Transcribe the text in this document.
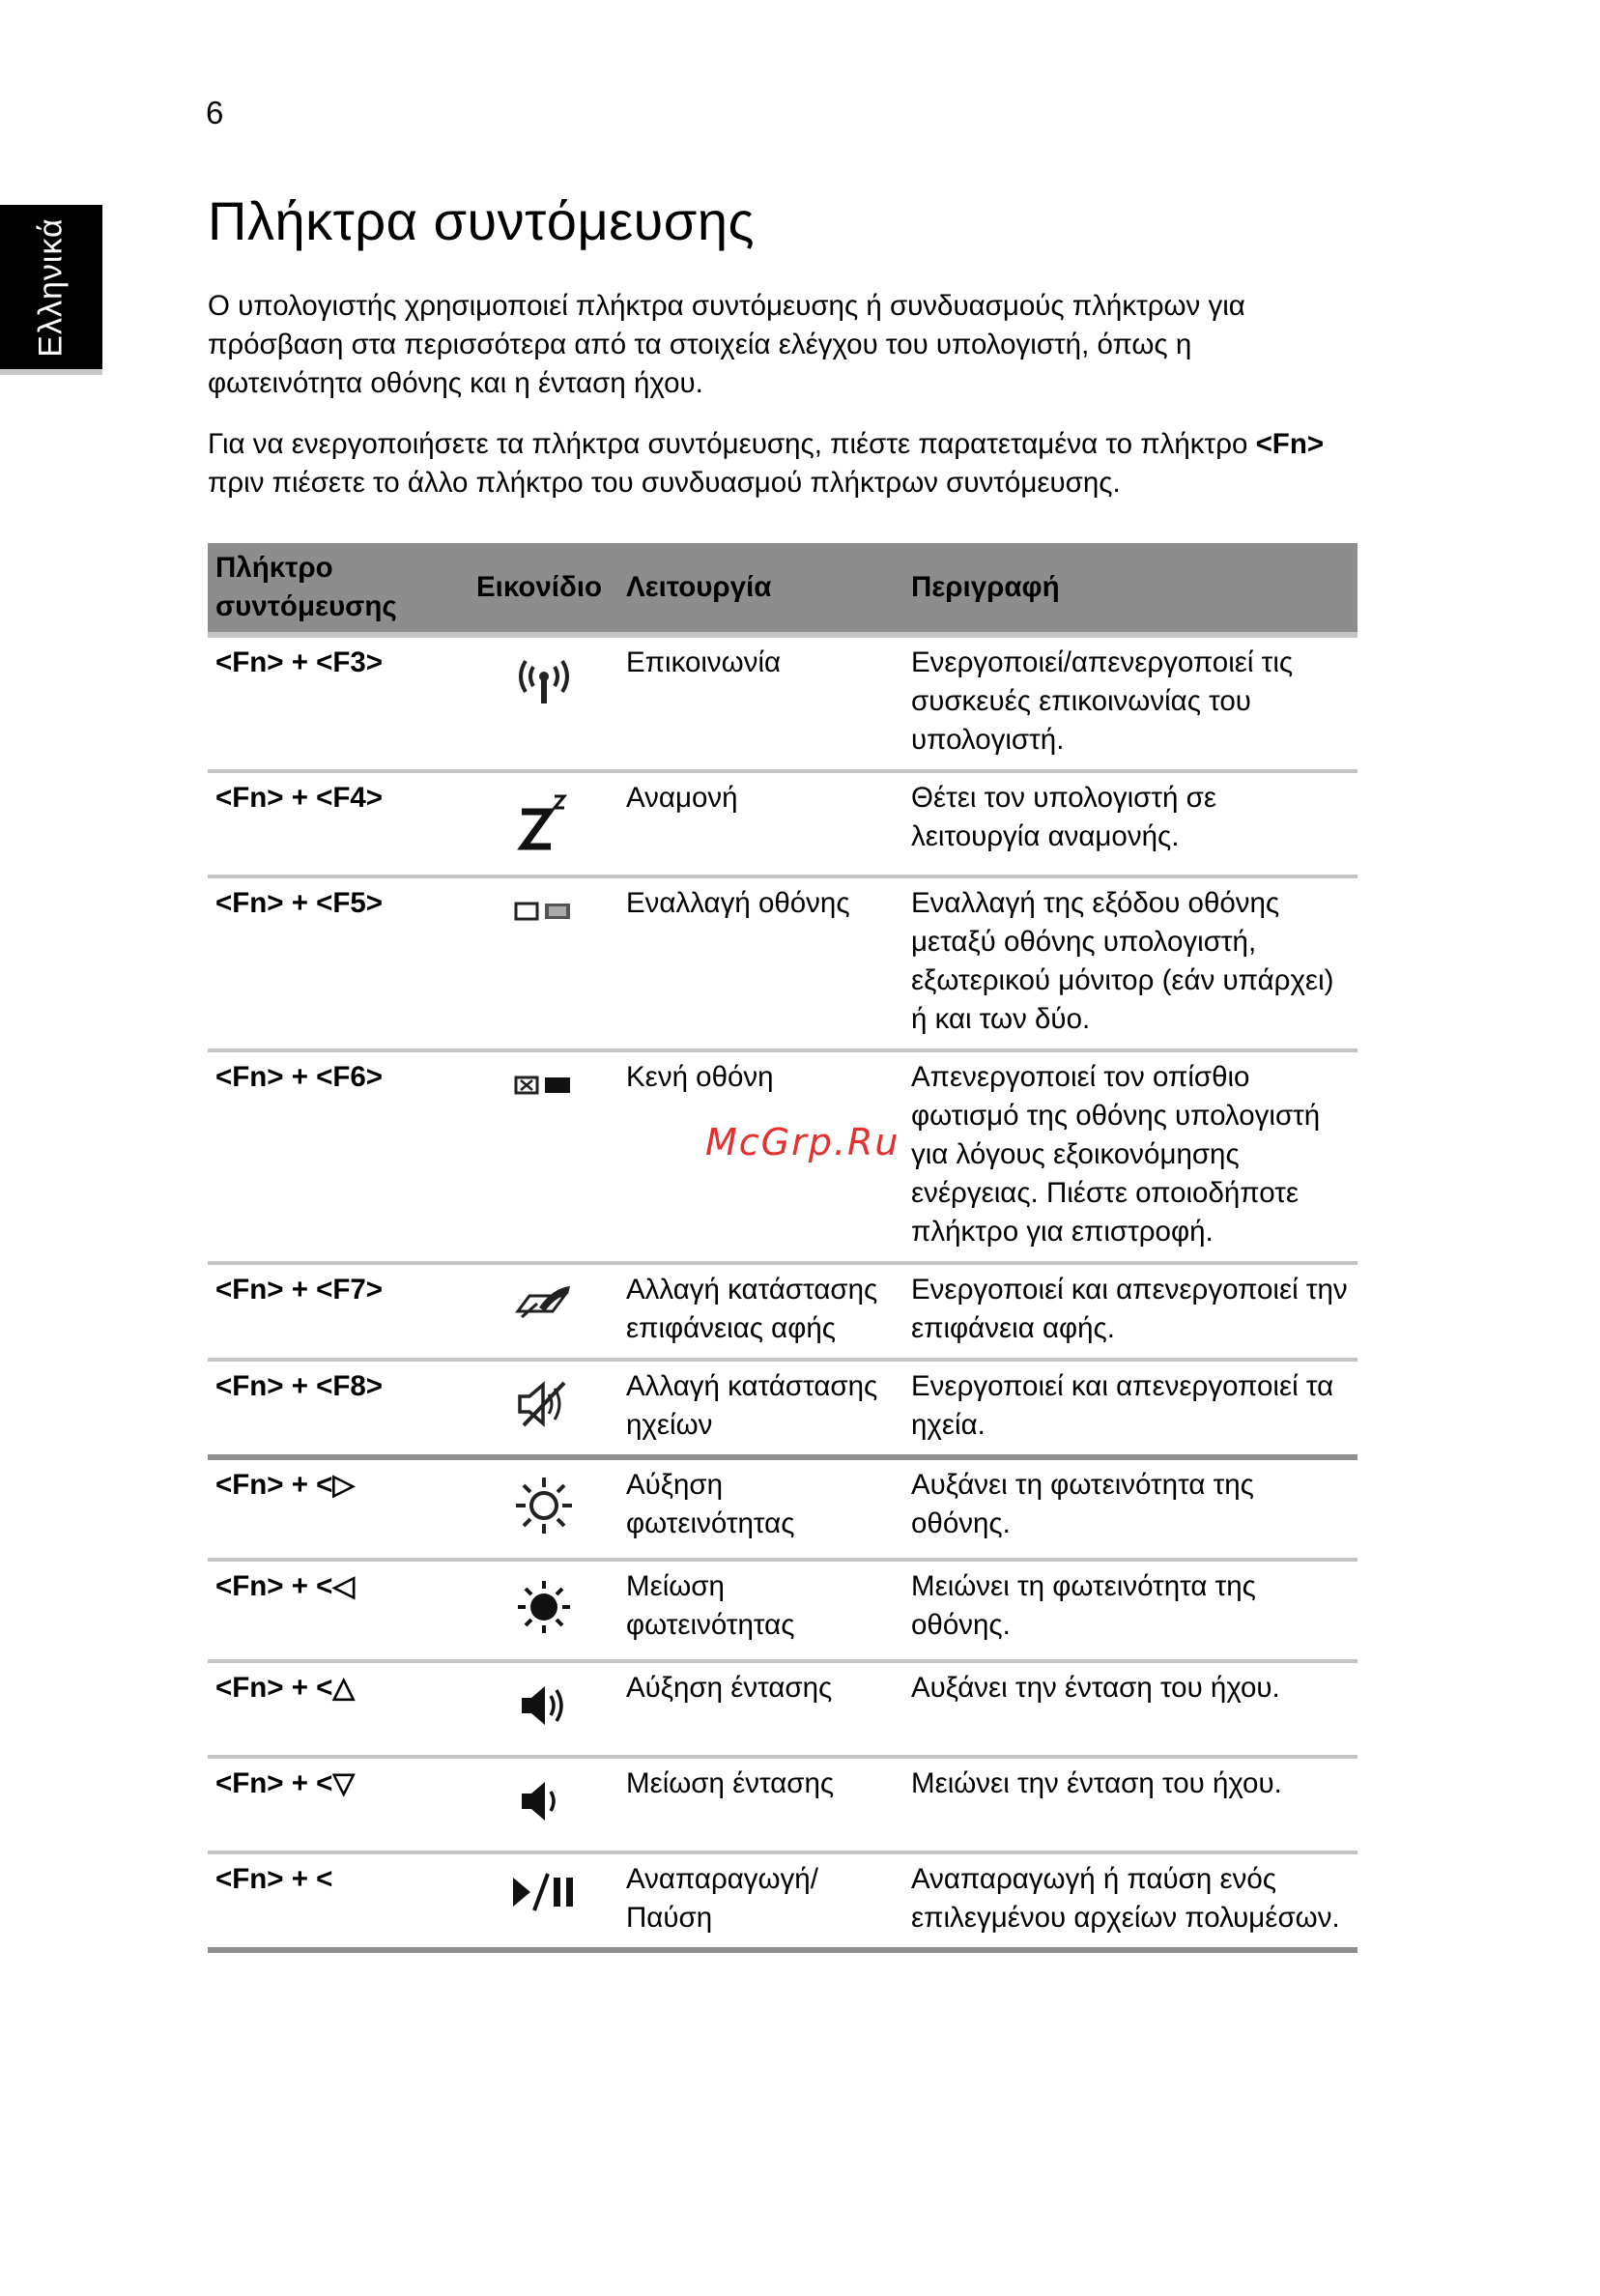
6
Ελληνικά	Πλήκτρα συντόμευσης

Ο υπολογιστής χρησιμοποιεί πλήκτρα συντόμευσης ή συνδυασμούς πλήκτρων για πρόσβαση στα περισσότερα από τα στοιχεία ελέγχου του υπολογιστή, όπως η φωτεινότητα οθόνης και η ένταση ήχου.

Για να ενεργοποιήσετε τα πλήκτρα συντόμευσης, πιέστε παρατεταμένα το πλήκτρο <Fn> πριν πιέσετε το άλλο πλήκτρο του συνδυασμού πλήκτρων συντόμευσης.

Πλήκτρο συντόμευσης	Εικονίδιο	Λειτουργία	Περιγραφή
<Fn> + <F3>		Επικοινωνία	Ενεργοποιεί/απενεργοποιεί τις συσκευές επικοινωνίας του υπολογιστή.
<Fn> + <F4>		Αναμονή	Θέτει τον υπολογιστή σε λειτουργία αναμονής.
<Fn> + <F5>		Εναλλαγή οθόνης	Εναλλαγή της εξόδου οθόνης μεταξύ οθόνης υπολογιστή, εξωτερικού μόνιτορ (εάν υπάρχει) ή και των δύο.
<Fn> + <F6>		Κενή οθόνη	Απενεργοποιεί τον οπίσθιο φωτισμό της οθόνης υπολογιστή για λόγους εξοικονόμησης ενέργειας. Πιέστε οποιοδήποτε πλήκτρο για επιστροφή.
<Fn> + <F7>		Αλλαγή κατάστασης επιφάνειας αφής	Ενεργοποιεί και απενεργοποιεί την επιφάνεια αφής.
<Fn> + <F8>		Αλλαγή κατάστασης ηχείων	Ενεργοποιεί και απενεργοποιεί τα ηχεία.
<Fn> + <▷		Αύξηση φωτεινότητας	Αυξάνει τη φωτεινότητα της οθόνης.
<Fn> + <◁		Μείωση φωτεινότητας	Μειώνει τη φωτεινότητα της οθόνης.
<Fn> + <△		Αύξηση έντασης	Αυξάνει την ένταση του ήχου.
<Fn> + <▽		Μείωση έντασης	Μειώνει την ένταση του ήχου.
<Fn> + <		Αναπαραγωγή/ Παύση	Αναπαραγωγή ή παύση ενός επιλεγμένου αρχείων πολυμέσων.
McGrp.Ru
